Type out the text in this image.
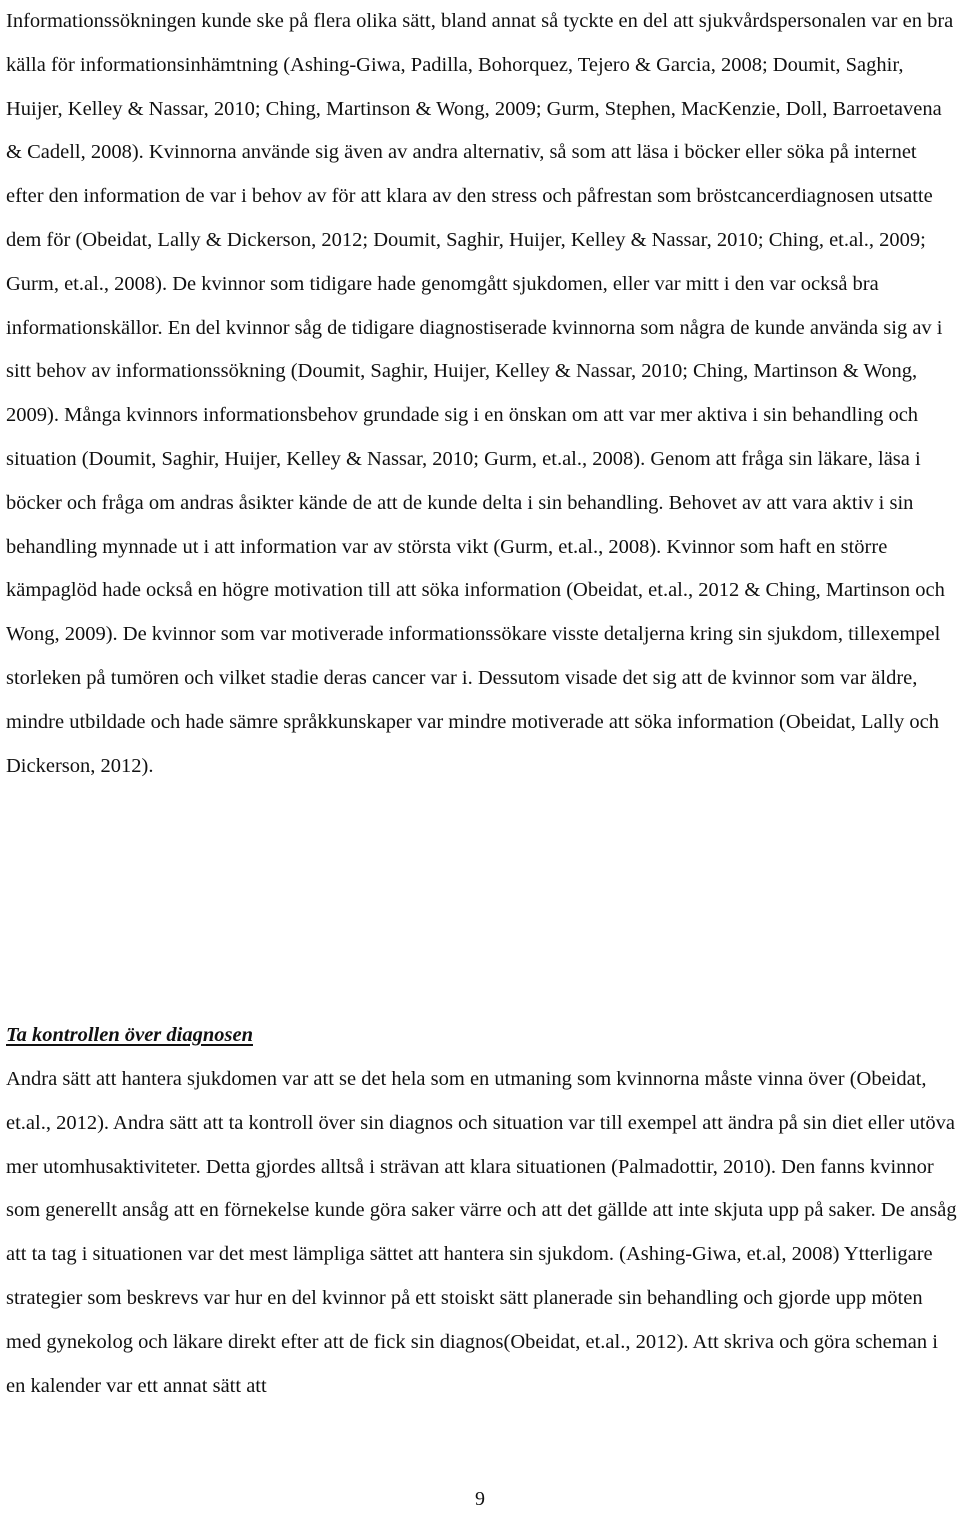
Informationssökningen kunde ske på flera olika sätt, bland annat så tyckte en del att sjukvårdspersonalen var en bra källa för informationsinhämtning (Ashing-Giwa, Padilla, Bohorquez, Tejero & Garcia, 2008; Doumit, Saghir, Huijer, Kelley & Nassar, 2010; Ching, Martinson & Wong, 2009; Gurm, Stephen, MacKenzie, Doll, Barroetavena & Cadell, 2008). Kvinnorna använde sig även av andra alternativ, så som att läsa i böcker eller söka på internet efter den information de var i behov av för att klara av den stress och påfrestan som bröstcancerdiagnosen utsatte dem för (Obeidat, Lally & Dickerson, 2012; Doumit, Saghir, Huijer, Kelley & Nassar, 2010; Ching, et.al., 2009; Gurm, et.al., 2008). De kvinnor som tidigare hade genomgått sjukdomen, eller var mitt i den var också bra informationskällor. En del kvinnor såg de tidigare diagnostiserade kvinnorna som några de kunde använda sig av i sitt behov av informationssökning (Doumit, Saghir, Huijer, Kelley & Nassar, 2010; Ching, Martinson & Wong, 2009). Många kvinnors informationsbehov grundade sig i en önskan om att var mer aktiva i sin behandling och situation (Doumit, Saghir, Huijer, Kelley & Nassar, 2010; Gurm, et.al., 2008). Genom att fråga sin läkare, läsa i böcker och fråga om andras åsikter kände de att de kunde delta i sin behandling. Behovet av att vara aktiv i sin behandling mynnade ut i att information var av största vikt (Gurm, et.al., 2008). Kvinnor som haft en större kämpaglöd hade också en högre motivation till att söka information (Obeidat, et.al., 2012 & Ching, Martinson och Wong, 2009). De kvinnor som var motiverade informationssökare visste detaljerna kring sin sjukdom, tillexempel storleken på tumören och vilket stadie deras cancer var i. Dessutom visade det sig att de kvinnor som var äldre, mindre utbildade och hade sämre språkkunskaper var mindre motiverade att söka information (Obeidat, Lally och Dickerson, 2012).

Ta kontrollen över diagnosen

Andra sätt att hantera sjukdomen var att se det hela som en utmaning som kvinnorna måste vinna över (Obeidat, et.al., 2012). Andra sätt att ta kontroll över sin diagnos och situation var till exempel att ändra på sin diet eller utöva mer utomhusaktiviteter. Detta gjordes alltså i strävan att klara situationen (Palmadottir, 2010). Den fanns kvinnor som generellt ansåg att en förnekelse kunde göra saker värre och att det gällde att inte skjuta upp på saker. De ansåg att ta tag i situationen var det mest lämpliga sättet att hantera sin sjukdom. (Ashing-Giwa, et.al, 2008) Ytterligare strategier som beskrevs var hur en del kvinnor på ett stoiskt sätt planerade sin behandling och gjorde upp möten med gynekolog och läkare direkt efter att de fick sin diagnos(Obeidat, et.al., 2012). Att skriva och göra scheman i en kalender var ett annat sätt att

9
